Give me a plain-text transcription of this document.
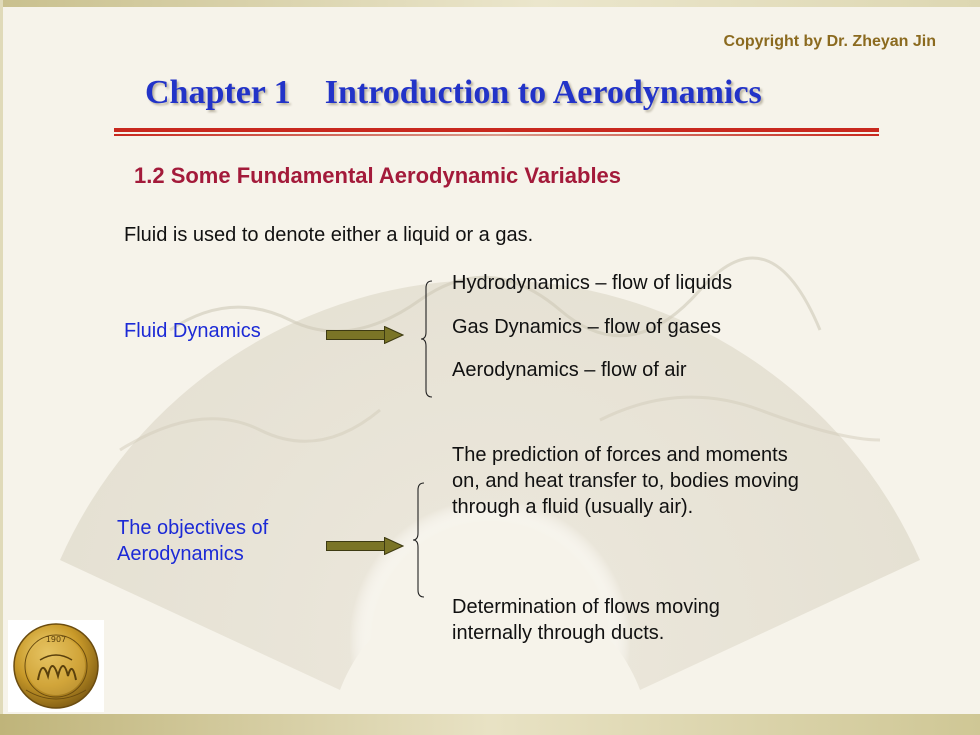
Copyright by Dr. Zheyan Jin
Chapter 1 Introduction to Aerodynamics
1.2 Some Fundamental Aerodynamic Variables
Fluid is used to denote either a liquid or a gas.
Fluid Dynamics
Hydrodynamics – flow of liquids
Gas Dynamics – flow of gases
Aerodynamics – flow of air
The objectives of
Aerodynamics
The prediction of forces and moments
on, and heat transfer to, bodies moving
through a fluid (usually air).
Determination of flows moving
internally through ducts.
1907
